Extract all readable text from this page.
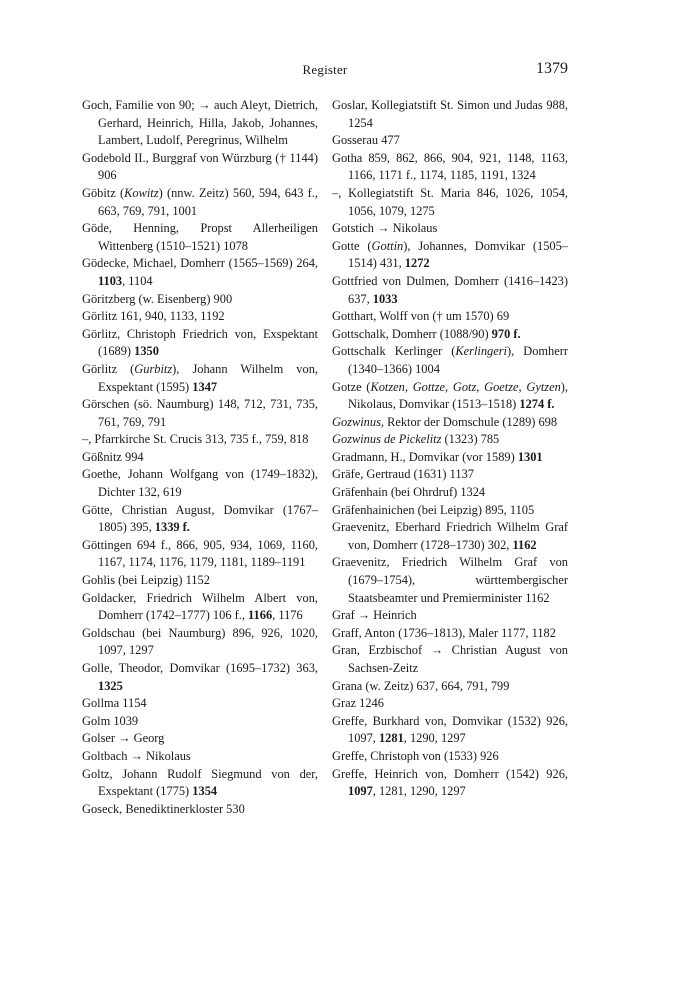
Register	1379

Goch, Familie von 90; → auch Aleyt, Dietrich, Gerhard, Heinrich, Hilla, Jakob, Johannes, Lambert, Ludolf, Peregrinus, Wilhelm

Godebold II., Burggraf von Würzburg († 1144) 906

Göbitz (Kowitz) (nnw. Zeitz) 560, 594, 643 f., 663, 769, 791, 1001

Göde, Henning, Propst Allerheiligen Wittenberg (1510–1521) 1078

Gödecke, Michael, Domherr (1565–1569) 264, 1103, 1104

Göritzberg (w. Eisenberg) 900

Görlitz 161, 940, 1133, 1192

Görlitz, Christoph Friedrich von, Exspektant (1689) 1350

Görlitz (Gurbitz), Johann Wilhelm von, Exspektant (1595) 1347

Görschen (sö. Naumburg) 148, 712, 731, 735, 761, 769, 791

–, Pfarrkirche St. Crucis 313, 735 f., 759, 818

Gößnitz 994

Goethe, Johann Wolfgang von (1749–1832), Dichter 132, 619

Götte, Christian August, Domvikar (1767–1805) 395, 1339 f.

Göttingen 694 f., 866, 905, 934, 1069, 1160, 1167, 1174, 1176, 1179, 1181, 1189–1191

Gohlis (bei Leipzig) 1152

Goldacker, Friedrich Wilhelm Albert von, Domherr (1742–1777) 106 f., 1166, 1176

Goldschau (bei Naumburg) 896, 926, 1020, 1097, 1297

Golle, Theodor, Domvikar (1695–1732) 363, 1325

Gollma 1154

Golm 1039

Golser → Georg

Goltbach → Nikolaus

Goltz, Johann Rudolf Siegmund von der, Exspektant (1775) 1354

Goseck, Benediktinerkloster 530

Goslar, Kollegiatstift St. Simon und Judas 988, 1254

Gosserau 477

Gotha 859, 862, 866, 904, 921, 1148, 1163, 1166, 1171 f., 1174, 1185, 1191, 1324

–, Kollegiatstift St. Maria 846, 1026, 1054, 1056, 1079, 1275

Gotstich → Nikolaus

Gotte (Gottin), Johannes, Domvikar (1505–1514) 431, 1272

Gottfried von Dulmen, Domherr (1416–1423) 637, 1033

Gotthart, Wolff von († um 1570) 69

Gottschalk, Domherr (1088/90) 970 f.

Gottschalk Kerlinger (Kerlingeri), Domherr (1340–1366) 1004

Gotze (Kotzen, Gottze, Gotz, Goetze, Gytzen), Nikolaus, Domvikar (1513–1518) 1274 f.

Gozwinus, Rektor der Domschule (1289) 698

Gozwinus de Pickelitz (1323) 785

Gradmann, H., Domvikar (vor 1589) 1301

Gräfe, Gertraud (1631) 1137

Gräfenhain (bei Ohrdruf) 1324

Gräfenhainichen (bei Leipzig) 895, 1105

Graevenitz, Eberhard Friedrich Wilhelm Graf von, Domherr (1728–1730) 302, 1162

Graevenitz, Friedrich Wilhelm Graf von (1679–1754), württembergischer Staatsbeamter und Premierminister 1162

Graf → Heinrich

Graff, Anton (1736–1813), Maler 1177, 1182

Gran, Erzbischof → Christian August von Sachsen-Zeitz

Grana (w. Zeitz) 637, 664, 791, 799

Graz 1246

Greffe, Burkhard von, Domvikar (1532) 926, 1097, 1281, 1290, 1297

Greffe, Christoph von (1533) 926

Greffe, Heinrich von, Domherr (1542) 926, 1097, 1281, 1290, 1297
